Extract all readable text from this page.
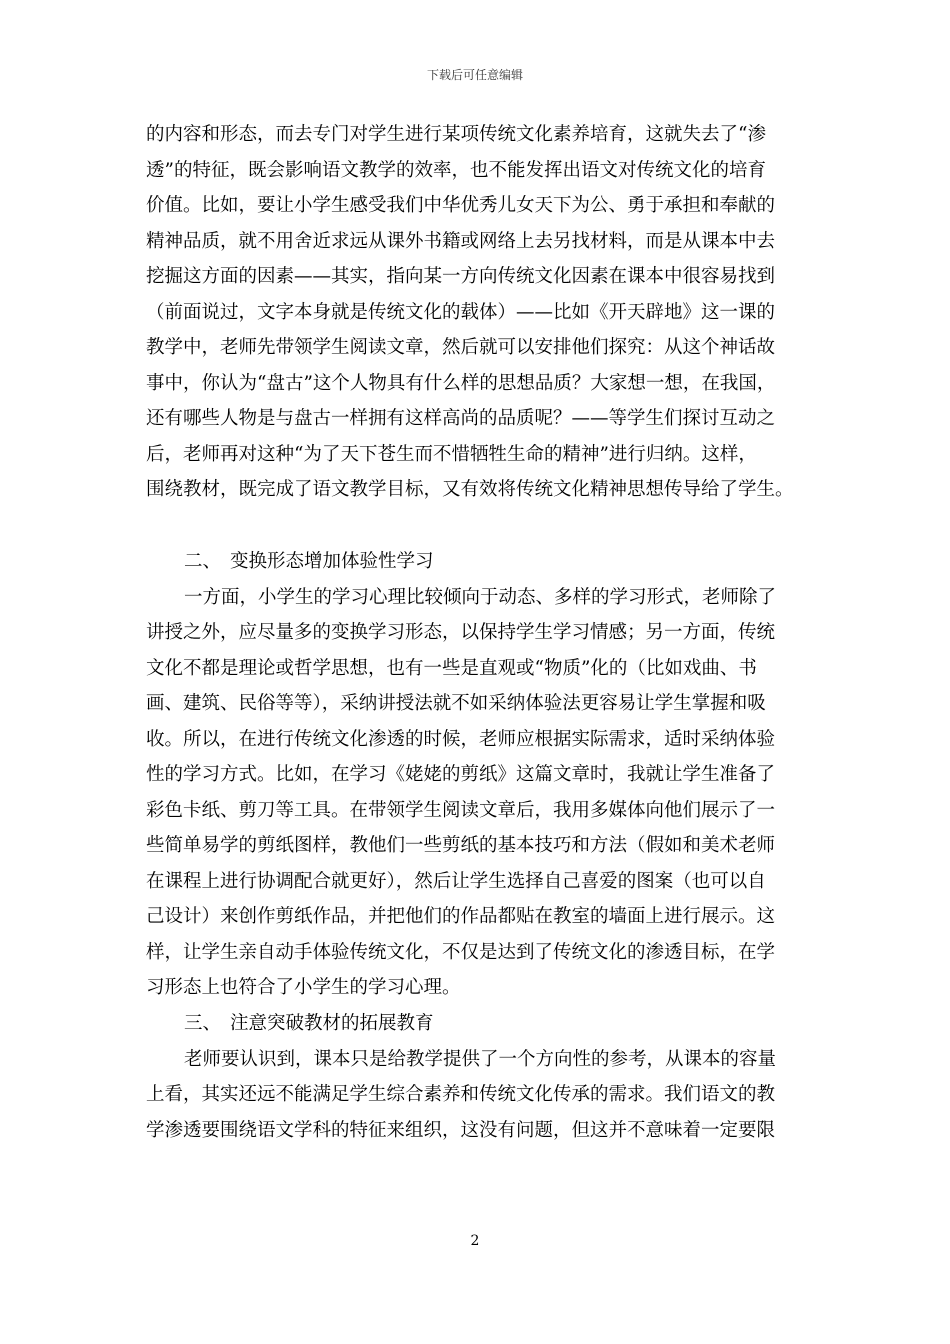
下载后可任意编辑
的内容和形态，而去专门对学生进行某项传统文化素养培育，这就失去了“渗
透”的特征，既会影响语文教学的效率，也不能发挥出语文对传统文化的培育
价值。比如，要让小学生感受我们中华优秀儿女天下为公、勇于承担和奉献的
精神品质，就不用舍近求远从课外书籍或网络上去另找材料，而是从课本中去
挖掘这方面的因素——其实，指向某一方向传统文化因素在课本中很容易找到
（前面说过，文字本身就是传统文化的载体）——比如《开天辟地》这一课的
教学中，老师先带领学生阅读文章，然后就可以安排他们探究：从这个神话故
事中，你认为“盘古”这个人物具有什么样的思想品质？大家想一想，在我国，
还有哪些人物是与盘古一样拥有这样高尚的品质呢？——等学生们探讨互动之
后，老师再对这种“为了天下苍生而不惜牺牲生命的精神”进行归纳。这样，
围绕教材，既完成了语文教学目标，又有效将传统文化精神思想传导给了学生。
二、 变换形态增加体验性学习
一方面，小学生的学习心理比较倾向于动态、多样的学习形式，老师除了
讲授之外，应尽量多的变换学习形态，以保持学生学习情感；另一方面，传统
文化不都是理论或哲学思想，也有一些是直观或“物质”化的（比如戏曲、书
画、建筑、民俗等等），采纳讲授法就不如采纳体验法更容易让学生掌握和吸
收。所以，在进行传统文化渗透的时候，老师应根据实际需求，适时采纳体验
性的学习方式。比如，在学习《姥姥的剪纸》这篇文章时，我就让学生准备了
彩色卡纸、剪刀等工具。在带领学生阅读文章后，我用多媒体向他们展示了一
些简单易学的剪纸图样，教他们一些剪纸的基本技巧和方法（假如和美术老师
在课程上进行协调配合就更好），然后让学生选择自己喜爱的图案（也可以自
己设计）来创作剪纸作品，并把他们的作品都贴在教室的墙面上进行展示。这
样，让学生亲自动手体验传统文化，不仅是达到了传统文化的渗透目标，在学
习形态上也符合了小学生的学习心理。
三、 注意突破教材的拓展教育
老师要认识到，课本只是给教学提供了一个方向性的参考，从课本的容量
上看，其实还远不能满足学生综合素养和传统文化传承的需求。我们语文的教
学渗透要围绕语文学科的特征来组织，这没有问题，但这并不意味着一定要限
2
